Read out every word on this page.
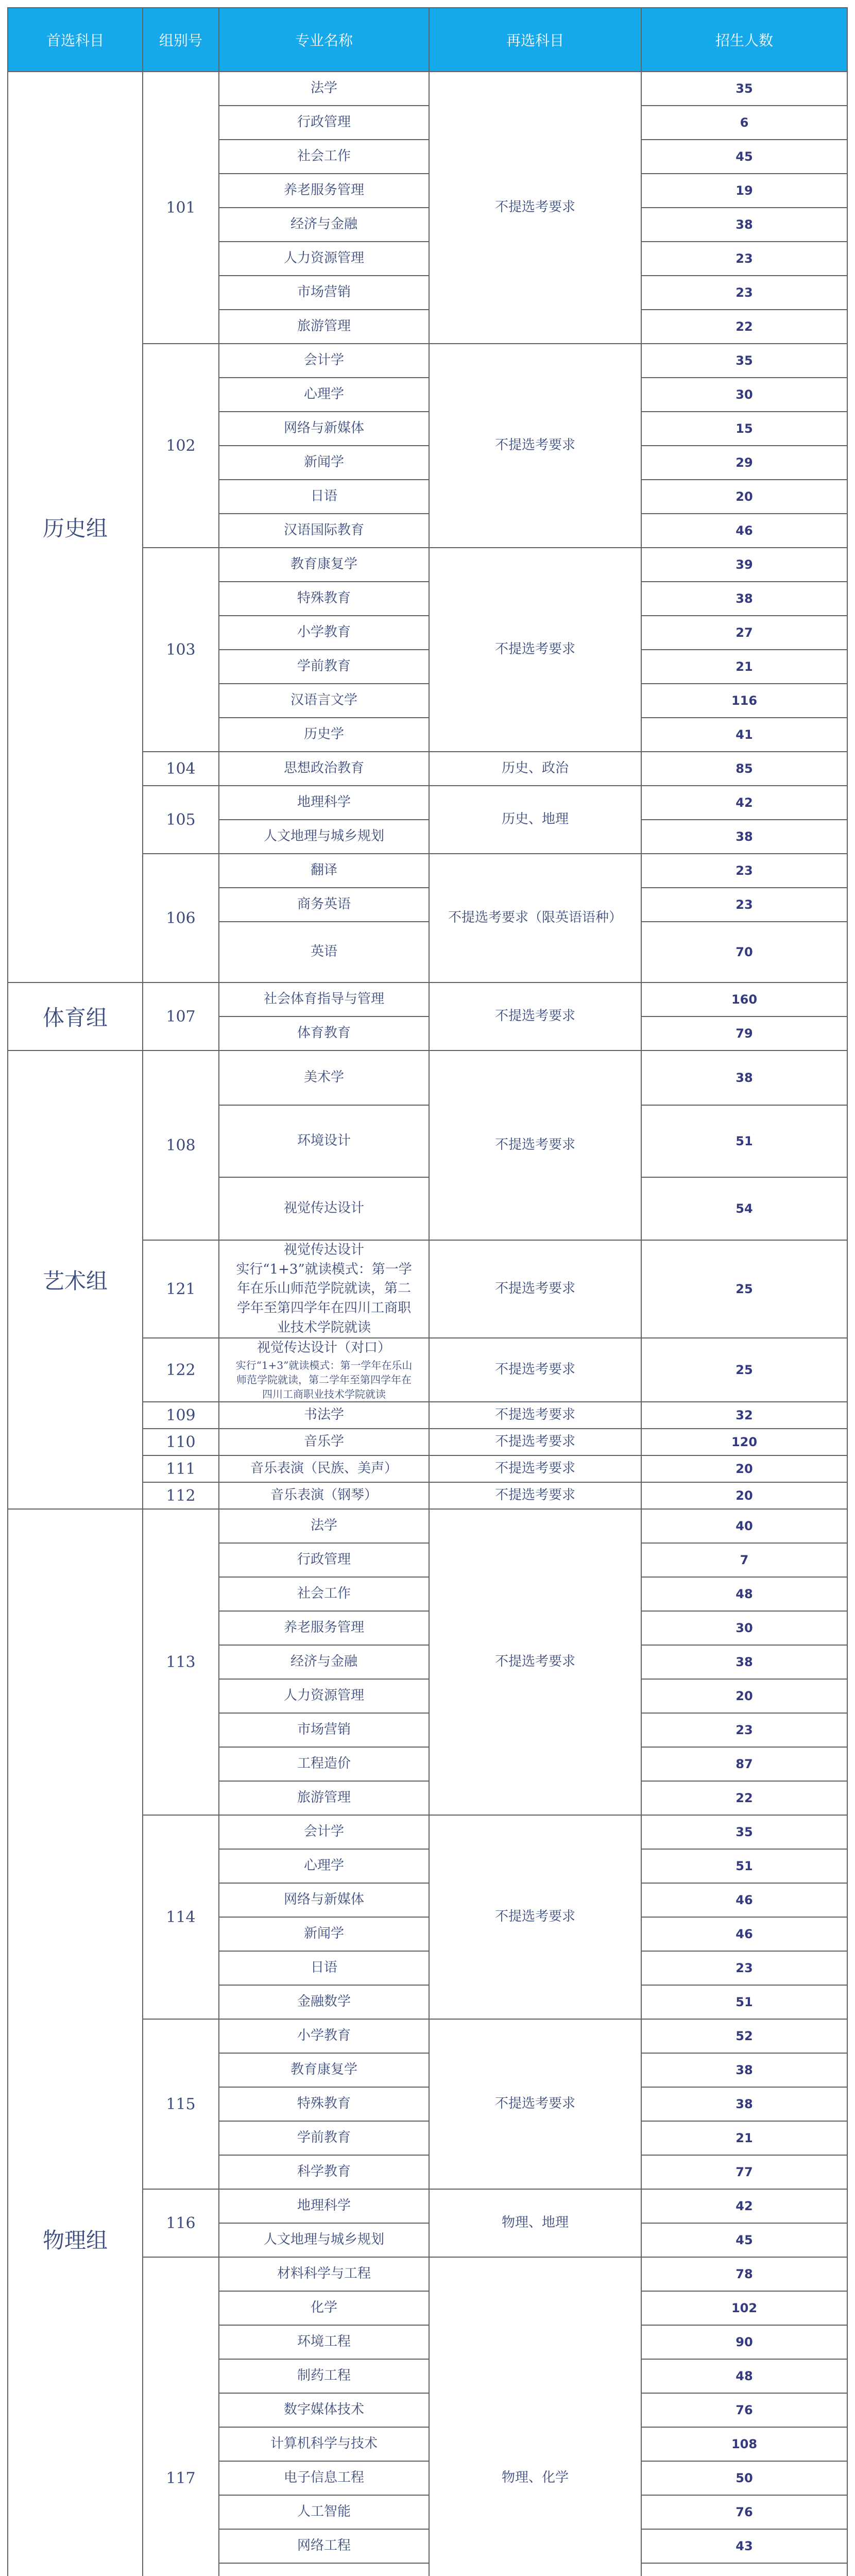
首选科目	组别号	专业名称	再选科目	招生人数
历史组	101	法学	不提选考要求	35

		行政管理		6

		社会工作		45

		养老服务管理		19

		经济与金融		38

		人力资源管理		23

		市场营销		23

		旅游管理		22
	102	会计学	不提选考要求	35

		心理学		30

		网络与新媒体		15

		新闻学		29

		日语		20

		汉语国际教育		46
	103	教育康复学	不提选考要求	39

		特殊教育		38

		小学教育		27

		学前教育		21

		汉语言文学		116

		历史学		41
	104	思想政治教育	历史、政治	85
	105	地理科学	历史、地理	42

		人文地理与城乡规划		38
	106	翻译	不提选考要求（限英语语种）	23

		商务英语		23

		英语		70
体育组	107	社会体育指导与管理	不提选考要求	160

		体育教育		79
艺术组	108	美术学	不提选考要求	38

		环境设计		51

		视觉传达设计		54
	121	视觉传达设计
实行“1+3”就读模式：第一学年在乐山师范学院就读，第二学年至第四学年在四川工商职业技术学院就读	不提选考要求	25
	122	视觉传达设计（对口）
实行“1+3”就读模式：第一学年在乐山师范学院就读，第二学年至第四学年在四川工商职业技术学院就读	不提选考要求	25
	109	书法学	不提选考要求	32
	110	音乐学	不提选考要求	120
	111	音乐表演（民族、美声）	不提选考要求	20
	112	音乐表演（钢琴）	不提选考要求	20
物理组	113	法学	不提选考要求	40

		行政管理		7

		社会工作		48

		养老服务管理		30

		经济与金融		38

		人力资源管理		20

		市场营销		23

		工程造价		87

		旅游管理		22
	114	会计学	不提选考要求	35

		心理学		51

		网络与新媒体		46

		新闻学		46

		日语		23

		金融数学		51
	115	小学教育	不提选考要求	52

		教育康复学		38

		特殊教育		38

		学前教育		21

		科学教育		77
	116	地理科学	物理、地理	42

		人文地理与城乡规划		45
	117	材料科学与工程	物理、化学	78

		化学		102

		环境工程		90

		制药工程		48

		数字媒体技术		76

		计算机科学与技术		108

		电子信息工程		50

		人工智能		76

		网络工程		43
